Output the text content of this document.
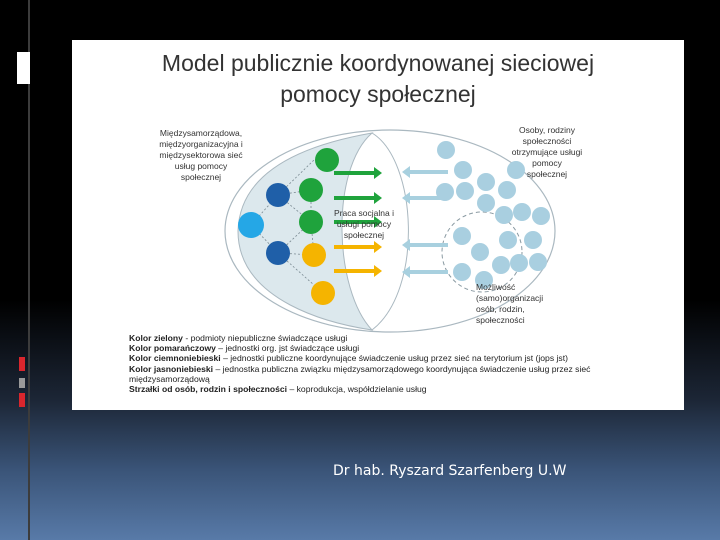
Model publicznie koordynowanej sieciowej
pomocy społecznej
Międzysamorządowa,
międzyorganizacyjna i
międzysektorowa sieć
usług pomocy
społecznej
Osoby, rodziny
społeczności
otrzymujące usługi
pomocy
społecznej
Praca socjalna i
usługi pomocy
społecznej
Możliwość
(samo)organizacji
osób, rodzin,
społeczności
Kolor zielony - podmioty niepubliczne świadczące usługi
Kolor pomarańczowy – jednostki org. jst świadczące usługi
Kolor ciemnoniebieski – jednostki publiczne koordynujące świadczenie usług przez sieć na terytorium jst (jops jst)
Kolor jasnoniebieski – jednostka publiczna związku międzysamorządowego koordynująca świadczenie usług przez sieć
międzysamorządową
Strzałki od osób, rodzin i społeczności – koprodukcja, współdzielanie usług
Dr hab. Ryszard Szarfenberg U.W
